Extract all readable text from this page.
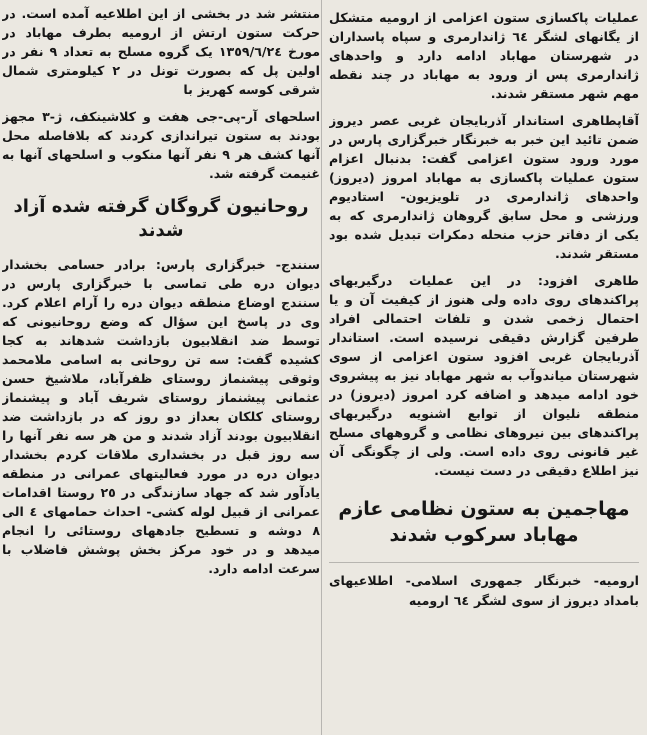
عملیات پاکسازی ستون اعزامی از ارومیه متشکل از یگانهای لشگر ٦٤ ژاندارمری و سپاه پاسداران در شهرستان مهاباد ادامه دارد و واحدهای ژاندارمری پس از ورود به مهاباد در چند نقطه مهم شهر مستقر شدند.

آقاپطاهری استاندار آذربایجان غربی عصر دیروز ضمن تائید این خبر به خبرنگار خبرگزاری پارس در مورد ورود ستون اعزامی گفت: بدنبال اعزام ستون عملیات پاکسازی به مهاباد امروز (دیروز) واحدهای ژاندارمری در تلویزیون- استادیوم ورزشی و محل سابق گروهان ژاندارمری که به یکی از دفاتر حزب منحله دمکرات تبدیل شده بود مستقر شدند.

طاهری افزود: در این عملیات درگیریهای پراکندهای روی داده ولی هنوز از کیفیت آن و یا احتمال زخمی شدن و تلفات احتمالی افراد طرفین گزارش دقیقی نرسیده است. استاندار آذربایجان غربی افزود ستون اعزامی از سوی شهرستان میاندوآب به شهر مهاباد نیز به پیشروی خود ادامه میدهد و اضافه کرد امروز (دیروز) در منطقه نلیوان از توابع اشنویه درگیریهای پراکندهای بین نیروهای نظامی و گروههای مسلح غیر قانونی روی داده است. ولی از چگونگی آن نیز اطلاع دقیقی در دست نیست.

مهاجمین به ستون نظامی عازم مهاباد سرکوب شدند

ارومیه- خبرنگار جمهوری اسلامی- اطلاعیهای بامداد دیروز از سوی لشگر ٦٤ ارومیه

منتشر شد در بخشی از این اطلاعیه آمده است. در حرکت ستون ارتش از ارومیه بطرف مهاباد در مورخ ١٣٥٩/٦/٢٤ یک گروه مسلح به تعداد ٩ نفر در اولین پل که بصورت تونل در ٢ کیلومتری شمال شرقی کوسه کهریز با

اسلحهای آر-پی-جی هفت و کلاشینکف، ژ-٣ مجهز بودند به ستون تیراندازی کردند که بلافاصله محل آنها کشف هر ٩ نفر آنها منکوب و اسلحهای آنها به غنیمت گرفته شد.

روحانیون گروگان گرفته شده آزاد شدند

سنندج- خبرگزاری پارس: برادر حسامی بخشدار دیوان دره طی تماسی با خبرگزاری پارس در سنندج اوضاع منطقه دیوان دره را آرام اعلام کرد. وی در پاسخ این سؤال که وضع روحانیونی که توسط ضد انقلابیون بازداشت شدهاند به کجا کشیده گفت: سه تن روحانی به اسامی ملامحمد وثوقی پیشنماز روستای ظفرآباد، ملاشیخ حسن عثمانی پیشنماز روستای شریف آباد و پیشنماز روستای کلکان بعداز دو روز که در بازداشت ضد انقلابیون بودند آزاد شدند و من هر سه نفر آنها را سه روز قبل در بخشداری ملاقات کردم بخشدار دیوان دره در مورد فعالیتهای عمرانی در منطقه یادآور شد که جهاد سازندگی در ٢٥ روستا اقدامات عمرانی از قبیل لوله کشی- احداث حمامهای ٤ الی ٨ دوشه و تسطیح جادههای روستائی را انجام میدهد و در خود مرکز بخش پوشش فاضلاب با سرعت ادامه دارد.
